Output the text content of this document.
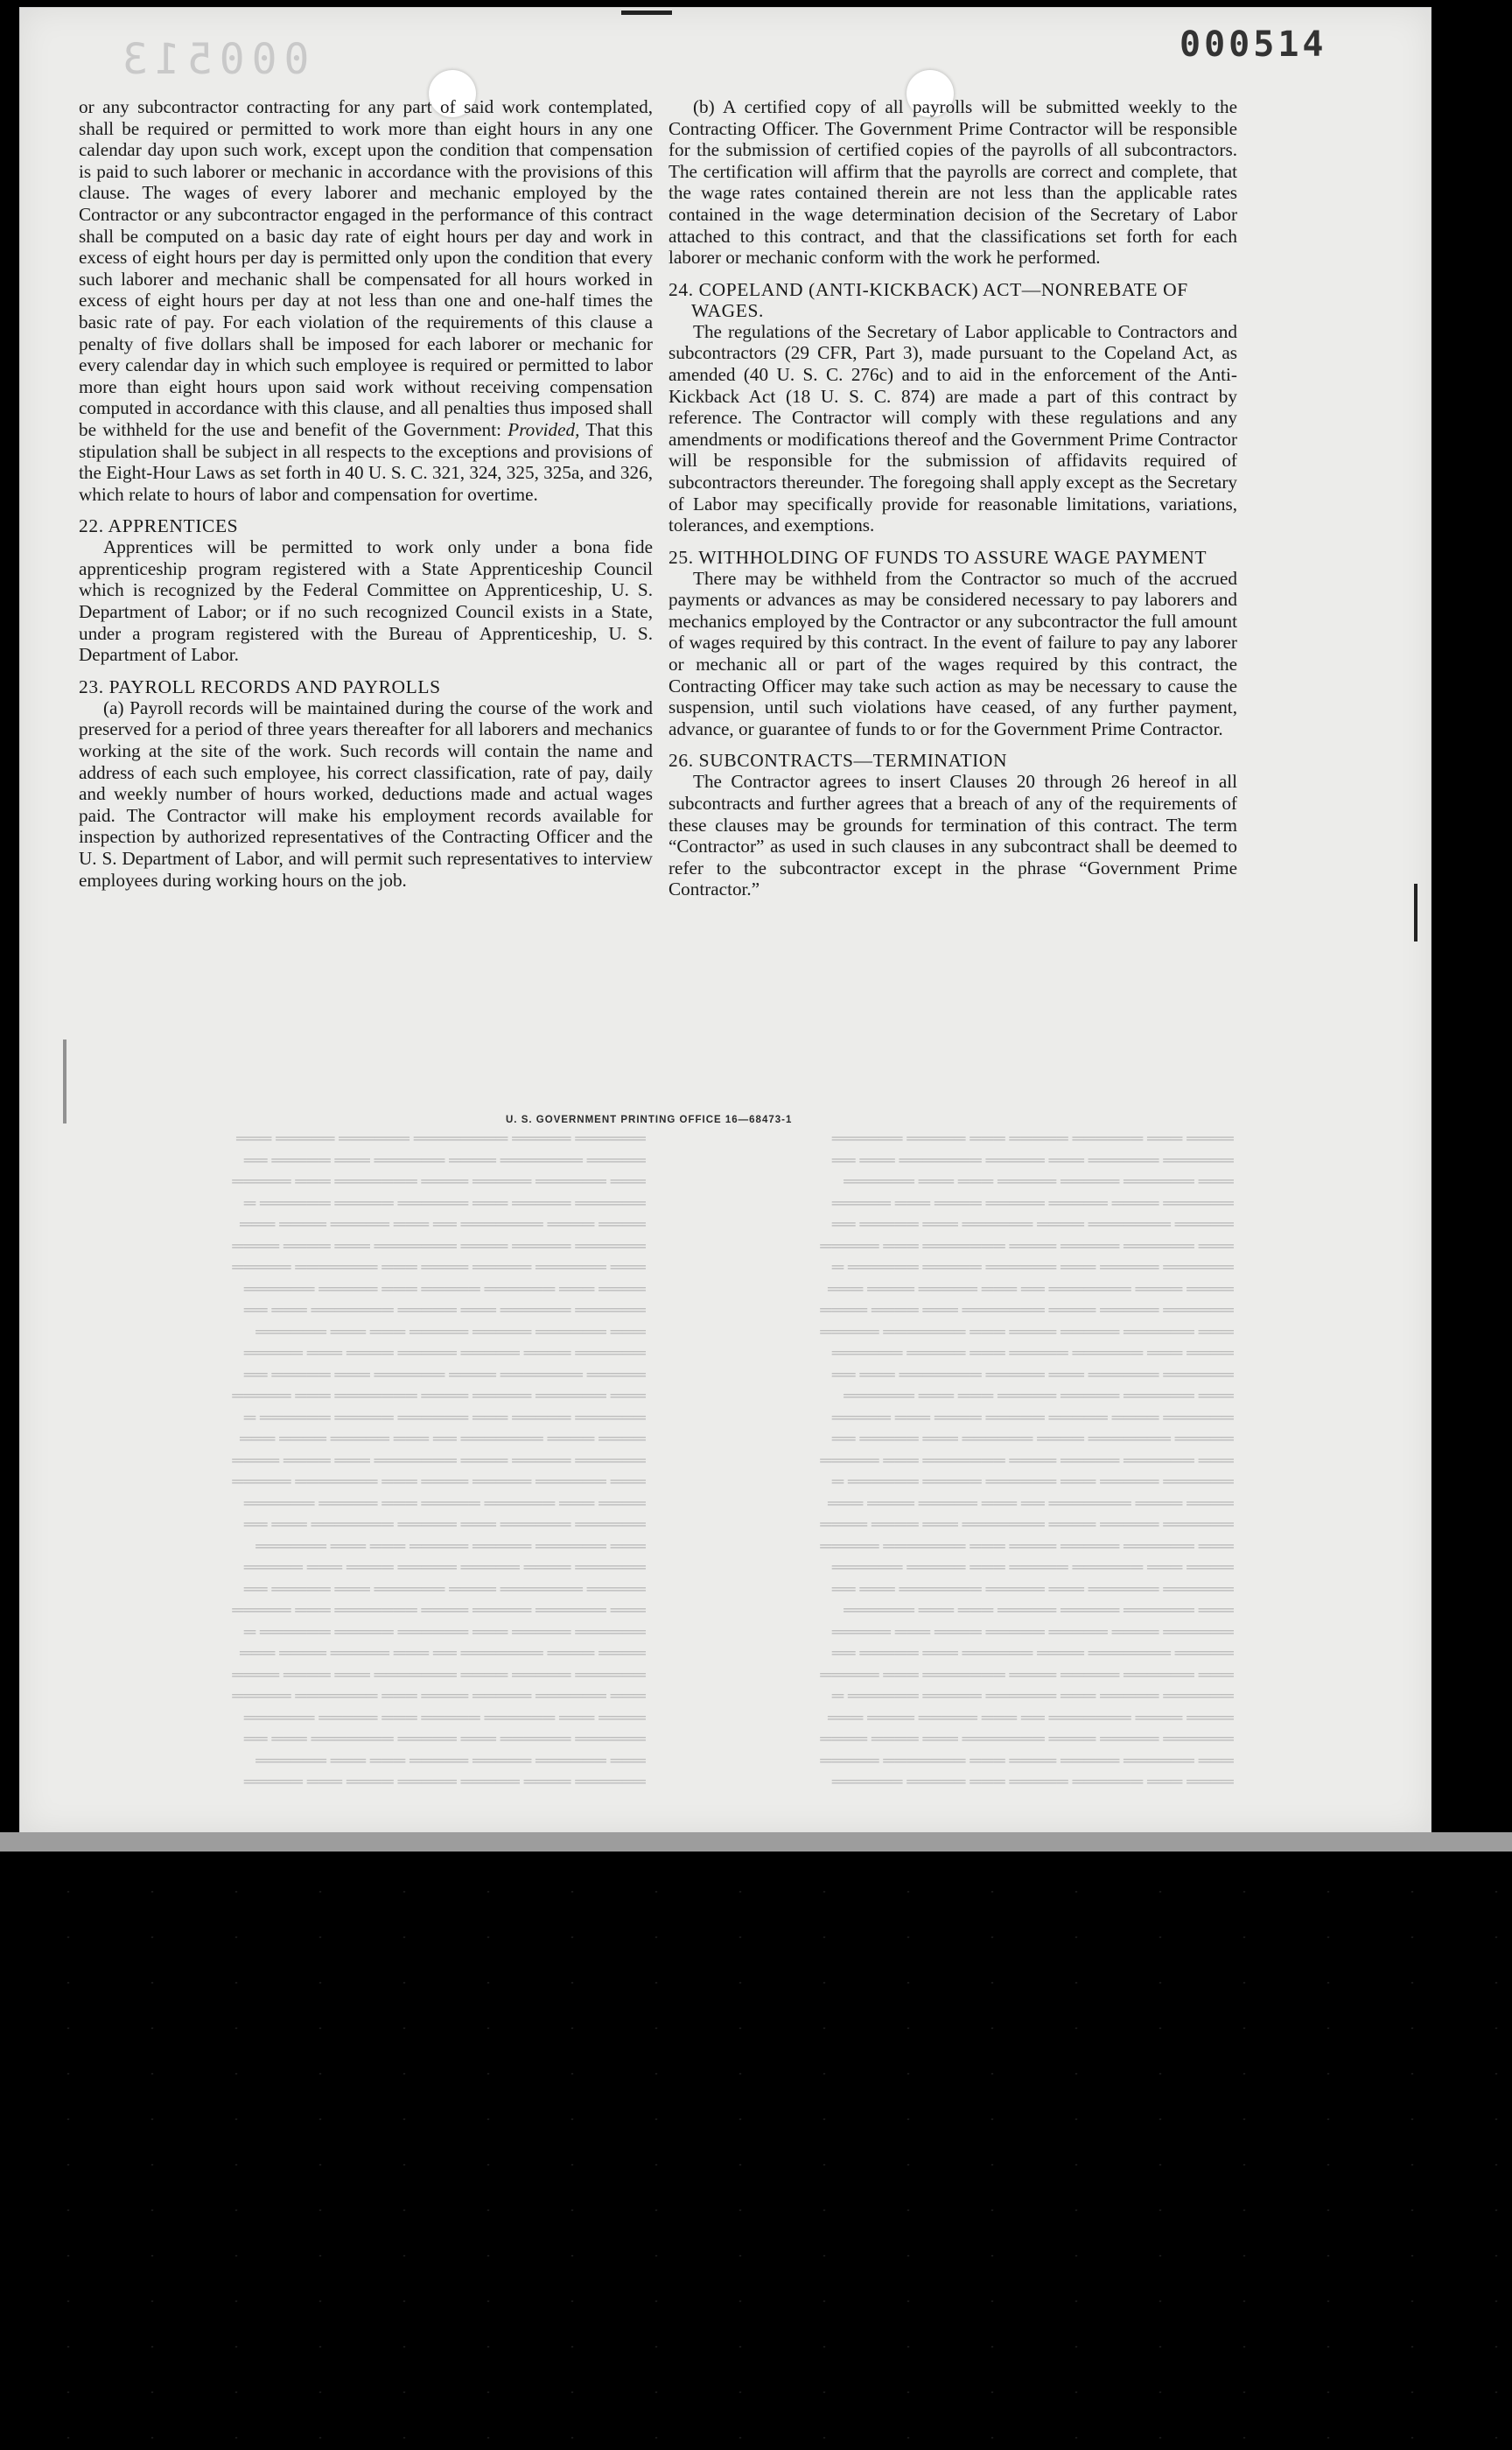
000513	000514
══════ ═════ ════════ ══════ ═════ ═══
═════ ═══════ ════ ══════ ═══ ═════ ══
═══ ══════ ═════ ════ ═══════ ═══ ═════
══════ ═════ ═══ ══════ ═════ ══════ ═
════ ════ ═══════ ══ ═══ ═════ ════ ═══
══════ ═════ ════ ═══════ ═══ ════ ════
═══ ══════ ═════ ════ ═══ ═══════ ═════
════ ═══ ══════ ═════ ═══ ═════ ══════
══════ ══════ ═══ ═════ ═══════ ═══ ══
═══ ══════ ═════ ═════ ═══ ═══ ══════
══════ ════ ═════ ═════ ════ ═══ ═════
═════ ═══════ ════ ══════ ═══ ═════ ══
═══ ══════ ═════ ════ ═══════ ═══ ═════
══════ ═════ ═══ ══════ ═════ ══════ ═
════ ════ ═══════ ══ ═══ ═════ ════ ═══
══════ ═════ ════ ═══════ ═══ ════ ════
═══ ══════ ═════ ════ ═══ ═══════ ═════
════ ═══ ══════ ═════ ═══ ═════ ══════
══════ ══════ ═══ ═════ ═══════ ═══ ══
═══ ══════ ═════ ═════ ═══ ═══ ══════
══════ ════ ═════ ═════ ════ ═══ ═════
═════ ═══════ ════ ══════ ═══ ═════ ══
═══ ══════ ═════ ════ ═══════ ═══ ═════
══════ ═════ ═══ ══════ ═════ ══════ ═
════ ════ ═══════ ══ ═══ ═════ ════ ═══
══════ ═════ ════ ═══════ ═══ ════ ════
═══ ══════ ═════ ════ ═══ ═══════ ═════
════ ═══ ══════ ═════ ═══ ═════ ══════
══════ ══════ ═══ ═════ ═══════ ═══ ══
═══ ══════ ═════ ═════ ═══ ═══ ══════
══════ ════ ═════ ═════ ════ ═══ ═════
════ ═══ ══════ ═════ ═══ ═════ ══════
══════ ══════ ═══ ═════ ═══════ ═══ ══
═══ ══════ ═════ ═════ ═══ ═══ ══════
══════ ════ ═════ ═════ ════ ═══ ═════
═════ ═══════ ════ ══════ ═══ ═════ ══
═══ ══════ ═════ ════ ═══════ ═══ ═════
══════ ═════ ═══ ══════ ═════ ══════ ═
════ ════ ═══════ ══ ═══ ═════ ════ ═══
══════ ═════ ════ ═══════ ═══ ════ ════
═══ ══════ ═════ ════ ═══ ═══════ ═════
════ ═══ ══════ ═════ ═══ ═════ ══════
══════ ══════ ═══ ═════ ═══════ ═══ ══
═══ ══════ ═════ ═════ ═══ ═══ ══════
══════ ════ ═════ ═════ ════ ═══ ═════
═════ ═══════ ════ ══════ ═══ ═════ ══
═══ ══════ ═════ ════ ═══════ ═══ ═════
══════ ═════ ═══ ══════ ═════ ══════ ═
════ ════ ═══════ ══ ═══ ═════ ════ ═══
══════ ═════ ════ ═══════ ═══ ════ ════
═══ ══════ ═════ ════ ═══ ═══════ ═════
════ ═══ ══════ ═════ ═══ ═════ ══════
══════ ══════ ═══ ═════ ═══════ ═══ ══
═══ ══════ ═════ ═════ ═══ ═══ ══════
══════ ════ ═════ ═════ ════ ═══ ═════
═════ ═══════ ════ ══════ ═══ ═════ ══
═══ ══════ ═════ ════ ═══════ ═══ ═════
══════ ═════ ═══ ══════ ═════ ══════ ═
════ ════ ═══════ ══ ═══ ═════ ════ ═══
══════ ═════ ════ ═══════ ═══ ════ ════
═══ ══════ ═════ ════ ═══ ═══════ ═════
════ ═══ ══════ ═════ ═══ ═════ ══════

or any subcontractor contracting for any part of said work contemplated, shall be required or permitted to work more than eight hours in any one calendar day upon such work, except upon the condition that compensation is paid to such laborer or mechanic in accordance with the provisions of this clause. The wages of every laborer and mechanic employed by the Contractor or any subcontractor engaged in the performance of this contract shall be computed on a basic day rate of eight hours per day and work in excess of eight hours per day is permitted only upon the condition that every such laborer and mechanic shall be compensated for all hours worked in excess of eight hours per day at not less than one and one-half times the basic rate of pay. For each violation of the requirements of this clause a penalty of five dollars shall be imposed for each laborer or mechanic for every calendar day in which such employee is required or permitted to labor more than eight hours upon said work without receiving compensation computed in accordance with this clause, and all penalties thus imposed shall be withheld for the use and benefit of the Government: Provided, That this stipulation shall be subject in all respects to the exceptions and provisions of the Eight-Hour Laws as set forth in 40 U. S. C. 321, 324, 325, 325a, and 326, which relate to hours of labor and compensation for overtime.

22. APPRENTICES

Apprentices will be permitted to work only under a bona fide apprenticeship program registered with a State Apprenticeship Council which is recognized by the Federal Committee on Apprenticeship, U. S. Department of Labor; or if no such recognized Council exists in a State, under a program registered with the Bureau of Apprenticeship, U. S. Department of Labor.

23. PAYROLL RECORDS AND PAYROLLS

(a) Payroll records will be maintained during the course of the work and preserved for a period of three years thereafter for all laborers and mechanics working at the site of the work. Such records will contain the name and address of each such employee, his correct classification, rate of pay, daily and weekly number of hours worked, deductions made and actual wages paid. The Contractor will make his employment records available for inspection by authorized representatives of the Contracting Officer and the U. S. Department of Labor, and will permit such representatives to interview employees during working hours on the job.

(b) A certified copy of all payrolls will be submitted weekly to the Contracting Officer. The Government Prime Contractor will be responsible for the submission of certified copies of the payrolls of all subcontractors. The certification will affirm that the payrolls are correct and complete, that the wage rates contained therein are not less than the applicable rates contained in the wage determination decision of the Secretary of Labor attached to this contract, and that the classifications set forth for each laborer or mechanic conform with the work he performed.

24. COPELAND (ANTI-KICKBACK) ACT—NONREBATE OF WAGES.

The regulations of the Secretary of Labor applicable to Contractors and subcontractors (29 CFR, Part 3), made pursuant to the Copeland Act, as amended (40 U. S. C. 276c) and to aid in the enforcement of the Anti-Kickback Act (18 U. S. C. 874) are made a part of this contract by reference. The Contractor will comply with these regulations and any amendments or modifications thereof and the Government Prime Contractor will be responsible for the submission of affidavits required of subcontractors thereunder. The foregoing shall apply except as the Secretary of Labor may specifically provide for reasonable limitations, variations, tolerances, and exemptions.

25. WITHHOLDING OF FUNDS TO ASSURE WAGE PAYMENT

There may be withheld from the Contractor so much of the accrued payments or advances as may be considered necessary to pay laborers and mechanics employed by the Contractor or any subcontractor the full amount of wages required by this contract. In the event of failure to pay any laborer or mechanic all or part of the wages required by this contract, the Contracting Officer may take such action as may be necessary to cause the suspension, until such violations have ceased, of any further payment, advance, or guarantee of funds to or for the Government Prime Contractor.

26. SUBCONTRACTS—TERMINATION

The Contractor agrees to insert Clauses 20 through 26 hereof in all subcontracts and further agrees that a breach of any of the requirements of these clauses may be grounds for termination of this contract. The term “Contractor” as used in such clauses in any subcontract shall be deemed to refer to the subcontractor except in the phrase “Government Prime Contractor.”

U. S. GOVERNMENT PRINTING OFFICE 16—68473-1
